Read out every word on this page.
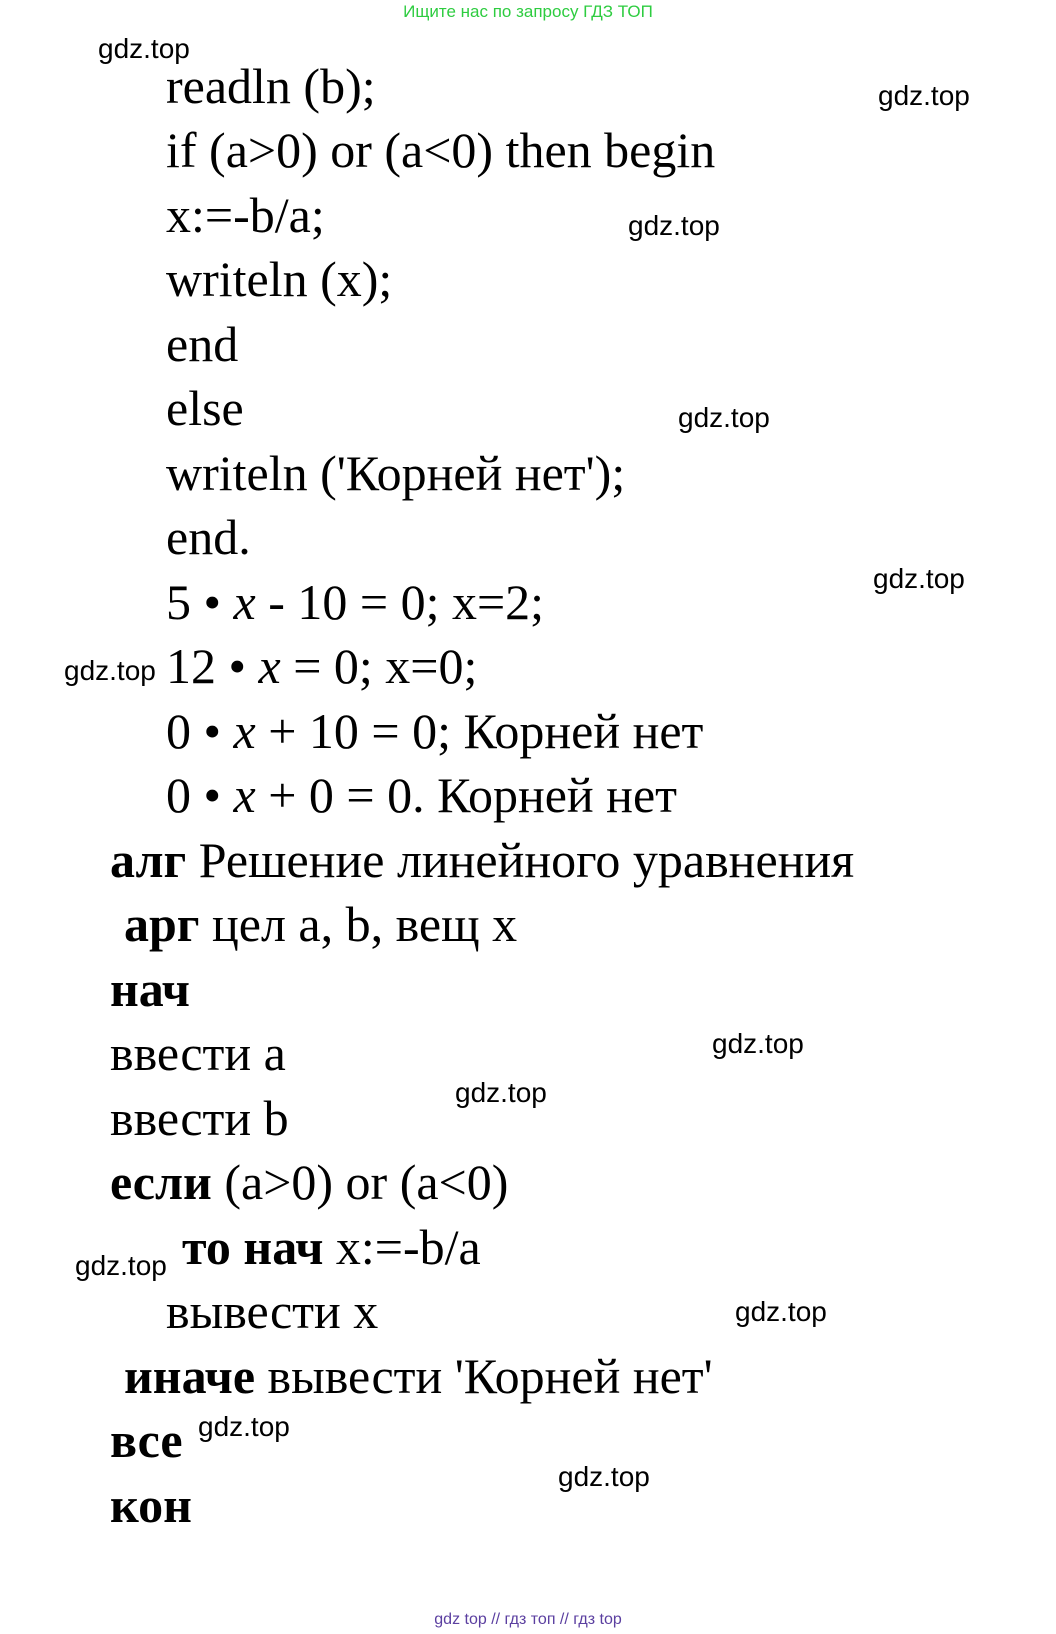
Ищите нас по запросу ГДЗ ТОП
gdz.top
gdz.top
gdz.top
gdz.top
gdz.top
gdz.top
gdz.top
gdz.top
gdz.top
gdz.top
gdz.top
gdz.top
readln (b);
if (a>0) or (a<0) then begin
x:=-b/a;
writeln (x);
end
else
writeln ('Корней нет');
end.
5 • x - 10 = 0; x=2;
12 • x = 0; x=0;
0 • x + 10 = 0; Корней нет
0 • x + 0 = 0. Корней нет
алг Решение линейного уравнения
арг цел a, b, вещ x
нач
ввести a
ввести b
если (a>0) or (a<0)
то нач x:=-b/a
вывести x
иначе вывести 'Корней нет'
все
кон
gdz top // гдз топ // гдз top
